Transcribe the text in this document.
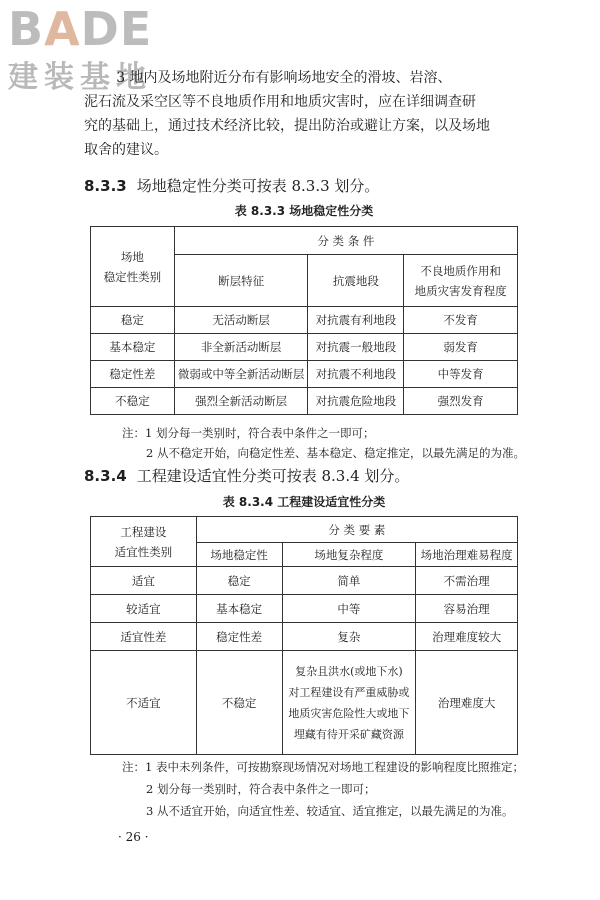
BADE
建装基地

3 地内及场地附近分布有影响场地安全的滑坡、岩溶、

泥石流及采空区等不良地质作用和地质灾害时，应在详细调查研

究的基础上，通过技术经济比较，提出防治或避让方案，以及场地

取舍的建议。

8.3.3 场地稳定性分类可按表 8.3.3 划分。
表 8.3.3 场地稳定性分类
场地
稳定性类别	分 类 条 件		
	断层特征	抗震地段	不良地质作用和
地质灾害发育程度
稳定	无活动断层	对抗震有利地段	不发育
基本稳定	非全新活动断层	对抗震一般地段	弱发育
稳定性差	微弱或中等全新活动断层	对抗震不利地段	中等发育
不稳定	强烈全新活动断层	对抗震危险地段	强烈发育
注：1 划分每一类别时，符合表中条件之一即可；
2 从不稳定开始，向稳定性差、基本稳定、稳定推定，以最先满足的为准。
8.3.4 工程建设适宜性分类可按表 8.3.4 划分。
表 8.3.4 工程建设适宜性分类
工程建设
适宜性类别	分 类 要 素		
	场地稳定性	场地复杂程度	场地治理难易程度
适宜	稳定	简单	不需治理
较适宜	基本稳定	中等	容易治理
适宜性差	稳定性差	复杂	治理难度较大
不适宜	不稳定	复杂且洪水(或地下水)
对工程建设有严重威胁或
地质灾害危险性大或地下
埋藏有待开采矿藏资源	治理难度大
注：1 表中未列条件，可按勘察现场情况对场地工程建设的影响程度比照推定；
2 划分每一类别时，符合表中条件之一即可；
3 从不适宜开始，向适宜性差、较适宜、适宜推定，以最先满足的为准。
· 26 ·
